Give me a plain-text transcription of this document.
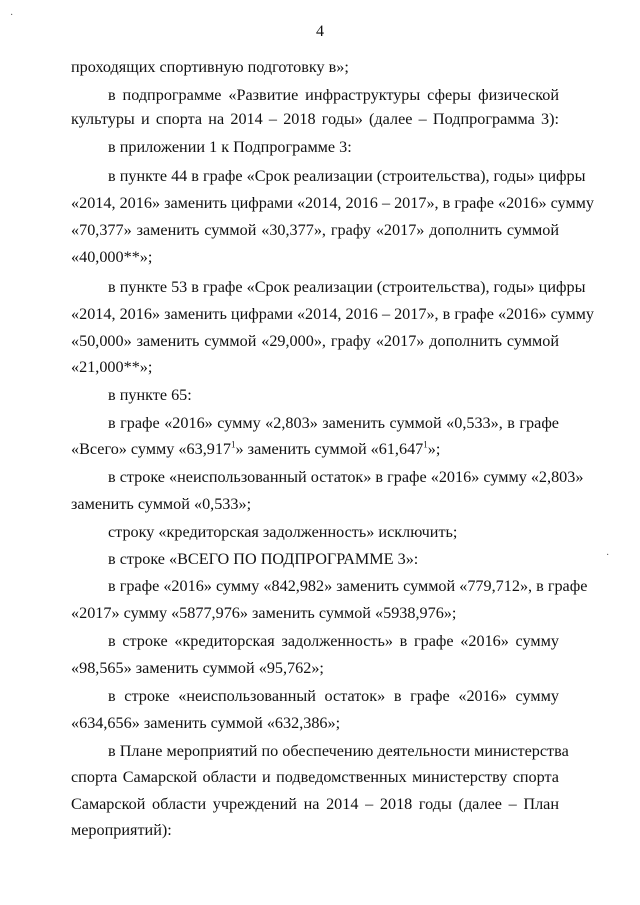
4
проходящих спортивную подготовку в»;
в подпрограмме «Развитие инфраструктуры сферы физической
культуры и спорта на 2014 – 2018 годы» (далее – Подпрограмма 3):
в приложении 1 к Подпрограмме 3:
в пункте 44 в графе «Срок реализации (строительства), годы» цифры
«2014, 2016» заменить цифрами «2014, 2016 – 2017», в графе «2016» сумму
«70,377» заменить суммой «30,377», графу «2017» дополнить суммой
«40,000**»;
в пункте 53 в графе «Срок реализации (строительства), годы» цифры
«2014, 2016» заменить цифрами «2014, 2016 – 2017», в графе «2016» сумму
«50,000» заменить суммой «29,000», графу «2017» дополнить суммой
«21,000**»;
в пункте 65:
в графе «2016» сумму «2,803» заменить суммой «0,533», в графе
«Всего» сумму «63,917$^1$» заменить суммой «61,647$^1$»;
в строке «неиспользованный остаток» в графе «2016» сумму «2,803»
заменить суммой «0,533»;
строку «кредиторская задолженность» исключить;
в строке «ВСЕГО ПО ПОДПРОГРАММЕ 3»:
в графе «2016» сумму «842,982» заменить суммой «779,712», в графе
«2017» сумму «5877,976» заменить суммой «5938,976»;
в строке «кредиторская задолженность» в графе «2016» сумму
«98,565» заменить суммой «95,762»;
в строке «неиспользованный остаток» в графе «2016» сумму
«634,656» заменить суммой «632,386»;
в Плане мероприятий по обеспечению деятельности министерства
спорта Самарской области и подведомственных министерству спорта
Самарской области учреждений на 2014 – 2018 годы (далее – План
мероприятий):
·
·
